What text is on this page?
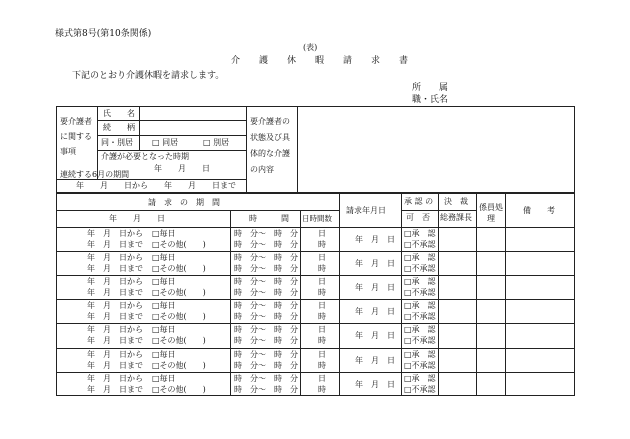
様式第8号(第10条関係)
(表)
介　護　休　暇　請　求　書
下記のとおり介護休暇を請求します。
所　　属
職・氏名
要介護者
に関する
事項
氏　　名
続　　柄
同・別居 □ 同居	□ 別居
介護が必要となった時期
年　　月　　日
要介護者の
状態及び具
体的な介護
の内容
連続する6月の期間
年　　月　　日から　　年　　月　　日まで
請　求　の　期　間
年　　月　　日	時　　　間 日時間数
請求年月日
承 認 の
可　否
決　裁
総務課長
係員処理
備　　考
年　月　日から
年　月　日まで
□毎日
□その他(　　)
時　分～　時　分
時　分～　時　分
日
時
年　月　日
□承　認
□不承認
年　月　日から
年　月　日まで
□毎日
□その他(　　)
時　分～　時　分
時　分～　時　分
日
時
年　月　日
□承　認
□不承認
年　月　日から
年　月　日まで
□毎日
□その他(　　)
時　分～　時　分
時　分～　時　分
日
時
年　月　日
□承　認
□不承認
年　月　日から
年　月　日まで
□毎日
□その他(　　)
時　分～　時　分
時　分～　時　分
日
時
年　月　日
□承　認
□不承認
年　月　日から
年　月　日まで
□毎日
□その他(　　)
時　分～　時　分
時　分～　時　分
日
時
年　月　日
□承　認
□不承認
年　月　日から
年　月　日まで
□毎日
□その他(　　)
時　分～　時　分
時　分～　時　分
日
時
年　月　日
□承　認
□不承認
年　月　日から
年　月　日まで
□毎日
□その他(　　)
時　分～　時　分
時　分～　時　分
日
時
年　月　日
□承　認
□不承認
